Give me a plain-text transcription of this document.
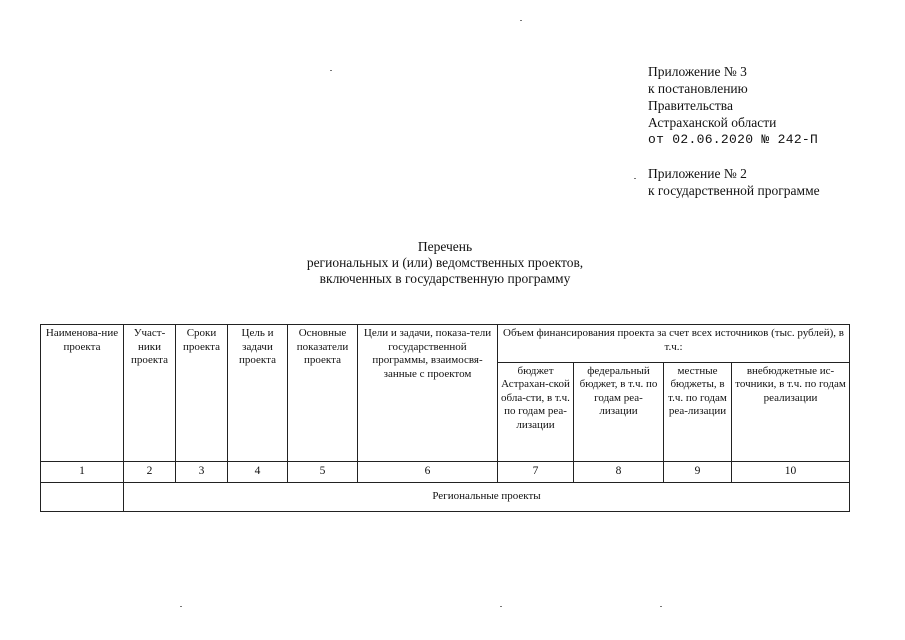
Приложение № 3
к постановлению
Правительства
Астраханской области
от 02.06.2020 № 242-П
Приложение № 2
к государственной программе
Перечень
региональных и (или) ведомственных проектов,
включенных в государственную программу
Наименова-ние проекта	Участ-ники проекта	Сроки проекта	Цель и задачи проекта	Основные показатели проекта	Цели и задачи, показа-тели государственной программы, взаимосвя-занные с проектом	Объем финансирования проекта за счет всех источников (тыс. рублей), в т.ч.:			
						бюджет Астрахан-ской обла-сти, в т.ч. по годам реа-лизации	федеральный бюджет, в т.ч. по годам реа-лизации	местные бюджеты, в т.ч. по годам реа-лизации	внебюджетные ис-точники, в т.ч. по годам реализации
1	2	3	4	5	6	7	8	9	10
	Региональные проекты								
